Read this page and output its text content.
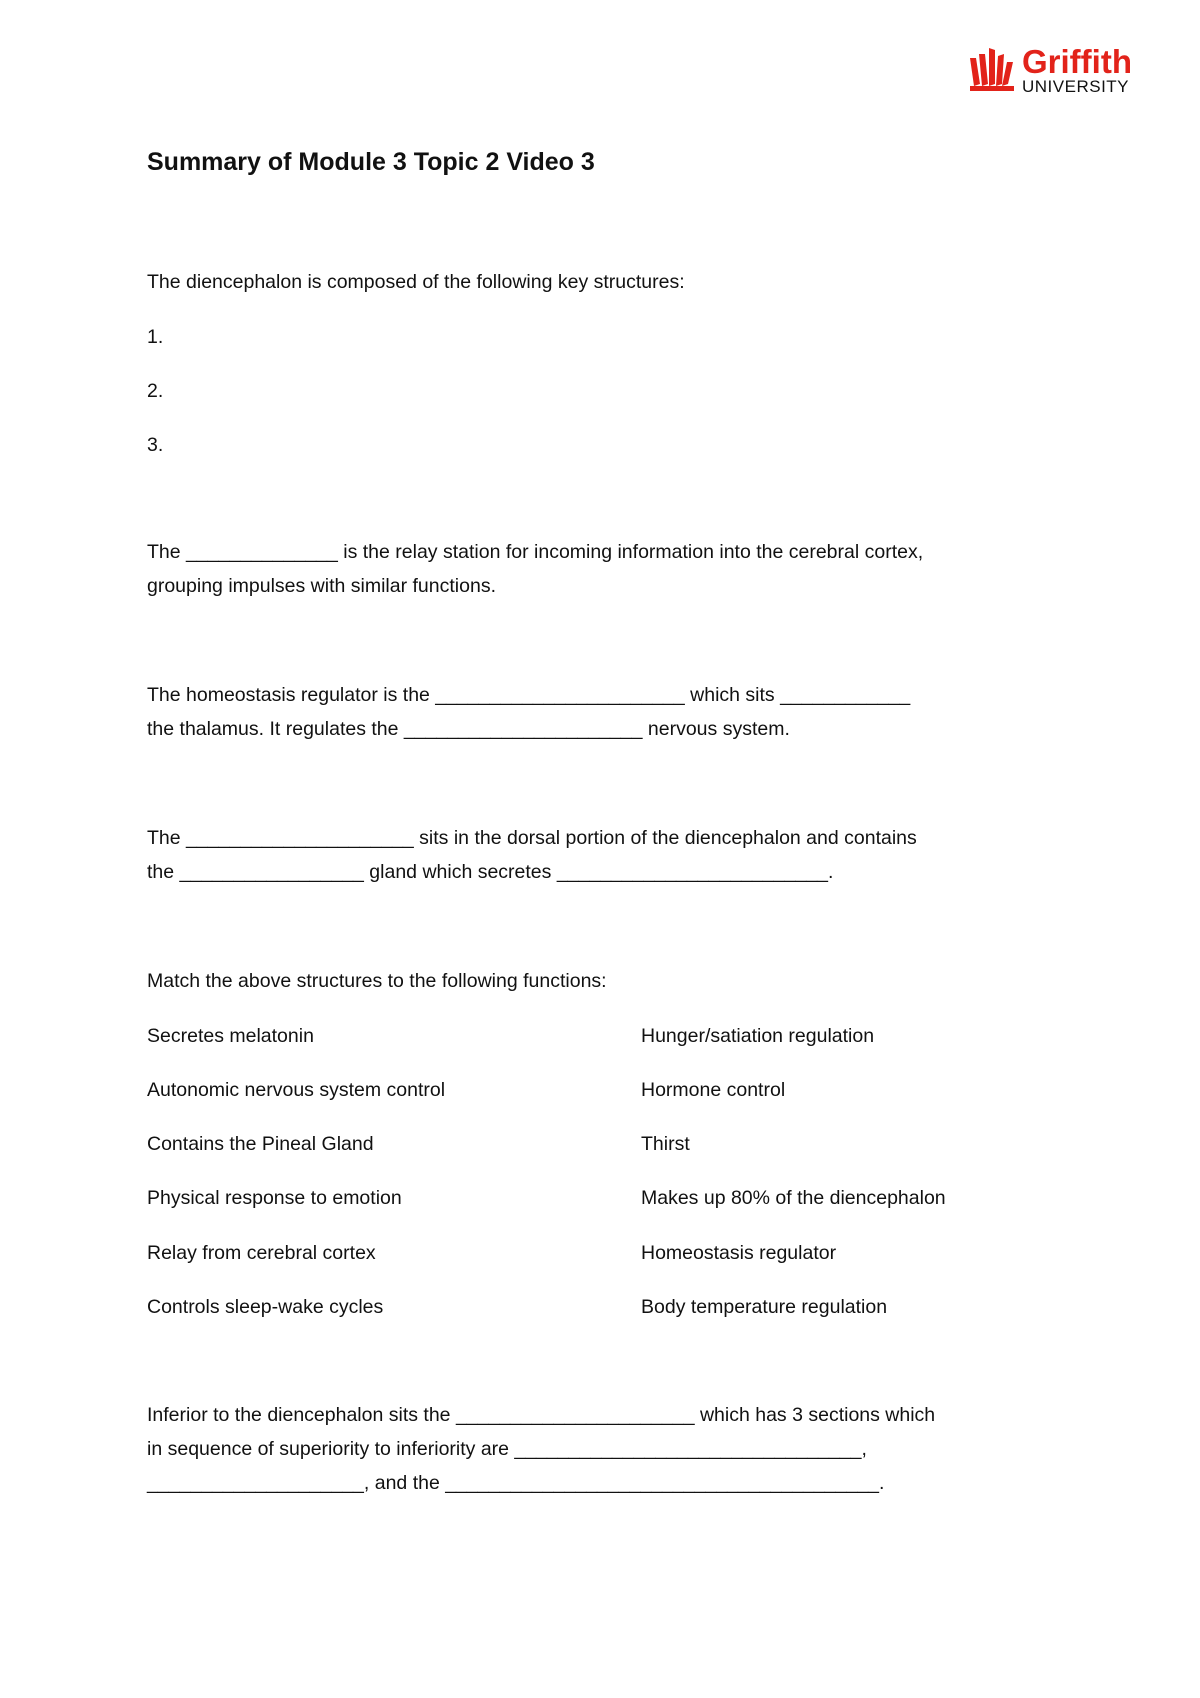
Griffith
UNIVERSITY
Summary of Module 3 Topic 2 Video 3
The diencephalon is composed of the following key structures:
1.
2.
3.
The ______________ is the relay station for incoming information into the cerebral cortex,
grouping impulses with similar functions.
The homeostasis regulator is the _______________________ which sits ____________
the thalamus. It regulates the ______________________ nervous system.
The _____________________ sits in the dorsal portion of the diencephalon and contains
the _________________ gland which secretes _________________________.
Match the above structures to the following functions:
Secretes melatonin
Autonomic nervous system control
Contains the Pineal Gland
Physical response to emotion
Relay from cerebral cortex
Controls sleep-wake cycles
Hunger/satiation regulation
Hormone control
Thirst
Makes up 80% of the diencephalon
Homeostasis regulator
Body temperature regulation
Inferior to the diencephalon sits the ______________________ which has 3 sections which
in sequence of superiority to inferiority are ________________________________,
____________________, and the ________________________________________.
